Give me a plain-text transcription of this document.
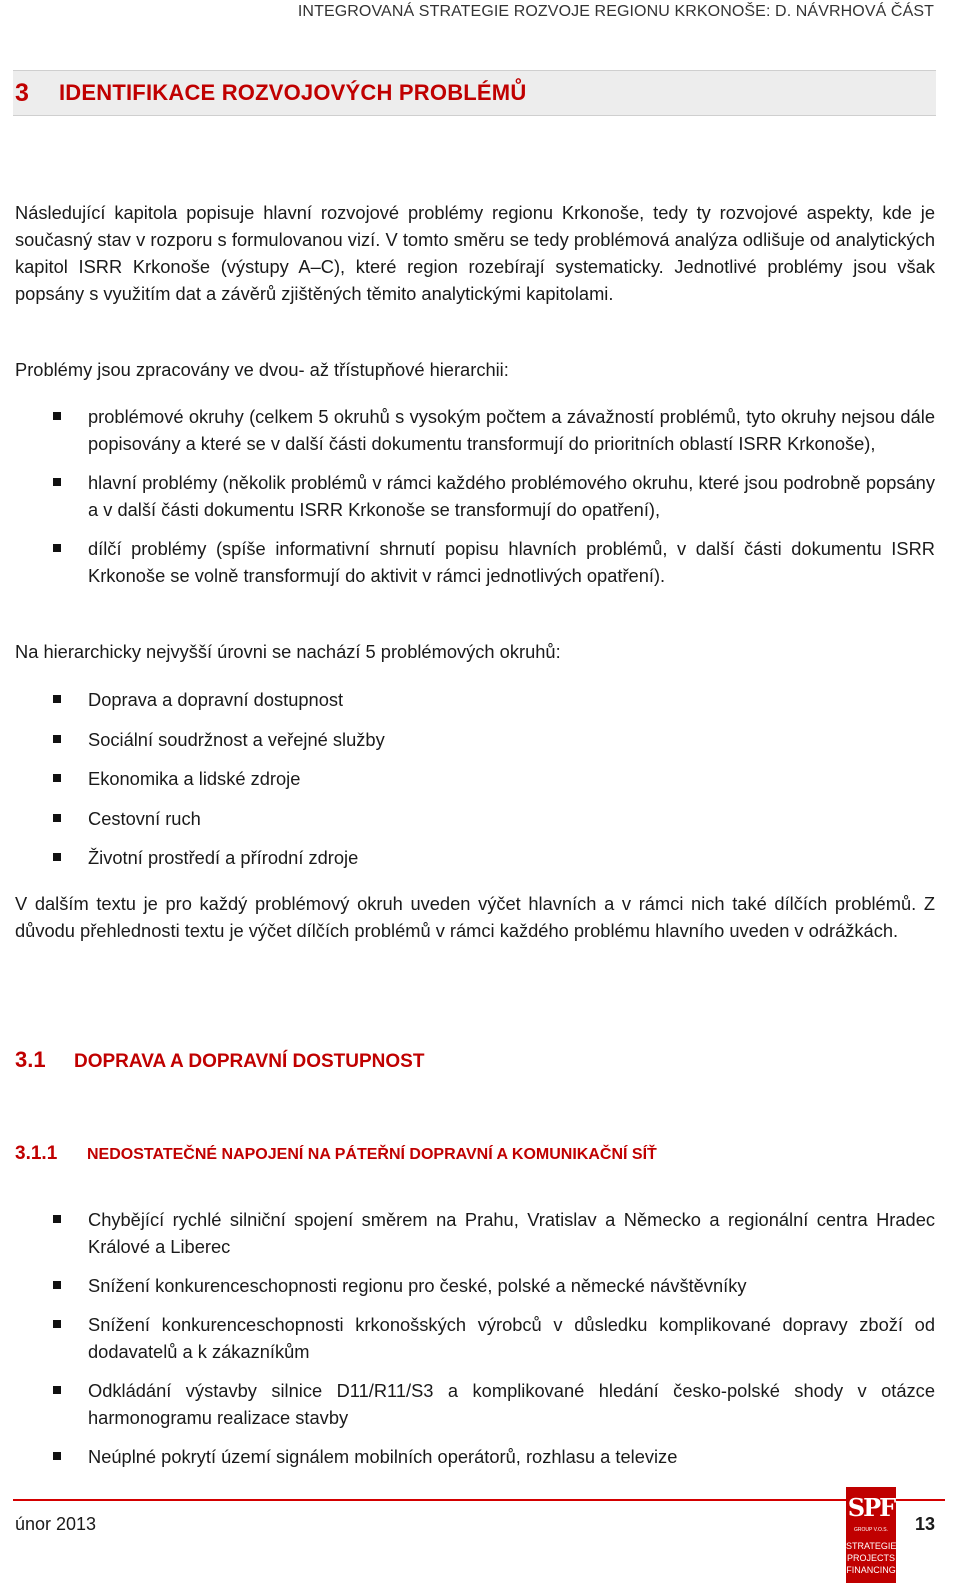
INTEGROVANÁ STRATEGIE ROZVOJE REGIONU KRKONOŠE: D. NÁVRHOVÁ ČÁST
3	IDENTIFIKACE ROZVOJOVÝCH PROBLÉMŮ

Následující kapitola popisuje hlavní rozvojové problémy regionu Krkonoše, tedy ty rozvojové aspekty, kde je současný stav v rozporu s formulovanou vizí. V tomto směru se tedy problémová analýza odlišuje od analytických kapitol ISRR Krkonoše (výstupy A–C), které region rozebírají systematicky. Jednotlivé problémy jsou však popsány s využitím dat a závěrů zjištěných těmito analytickými kapitolami.

Problémy jsou zpracovány ve dvou- až třístupňové hierarchii:

problémové okruhy (celkem 5 okruhů s vysokým počtem a závažností problémů, tyto okruhy nejsou dále popisovány a které se v další části dokumentu transformují do prioritních oblastí ISRR Krkonoše),
hlavní problémy (několik problémů v rámci každého problémového okruhu, které jsou podrobně popsány a v další části dokumentu ISRR Krkonoše se transformují do opatření),
dílčí problémy (spíše informativní shrnutí popisu hlavních problémů, v další části dokumentu ISRR Krkonoše se volně transformují do aktivit v rámci jednotlivých opatření).

Na hierarchicky nejvyšší úrovni se nachází 5 problémových okruhů:

Doprava a dopravní dostupnost
Sociální soudržnost a veřejné služby
Ekonomika a lidské zdroje
Cestovní ruch
Životní prostředí a přírodní zdroje

V dalším textu je pro každý problémový okruh uveden výčet hlavních a v rámci nich také dílčích problémů. Z důvodu přehlednosti textu je výčet dílčích problémů v rámci každého problému hlavního uveden v odrážkách.

3.1	DOPRAVA A DOPRAVNÍ DOSTUPNOST
3.1.1	NEDOSTATEČNÉ NAPOJENÍ NA PÁTEŘNÍ DOPRAVNÍ A KOMUNIKAČNÍ SÍŤ
Chybějící rychlé silniční spojení směrem na Prahu, Vratislav a Německo a regionální centra Hradec Králové a Liberec
Snížení konkurenceschopnosti regionu pro české, polské a německé návštěvníky
Snížení konkurenceschopnosti krkonošských výrobců v důsledku komplikované dopravy zboží od dodavatelů a k zákazníkům
Odkládání výstavby silnice D11/R11/S3 a komplikované hledání česko-polské shody v otázce harmonogramu realizace stavby
Neúplné pokrytí území signálem mobilních operátorů, rozhlasu a televize
únor 2013
SPF
GROUP V.O.S.
STRATEGIES
PROJECTS
FINANCING
13
